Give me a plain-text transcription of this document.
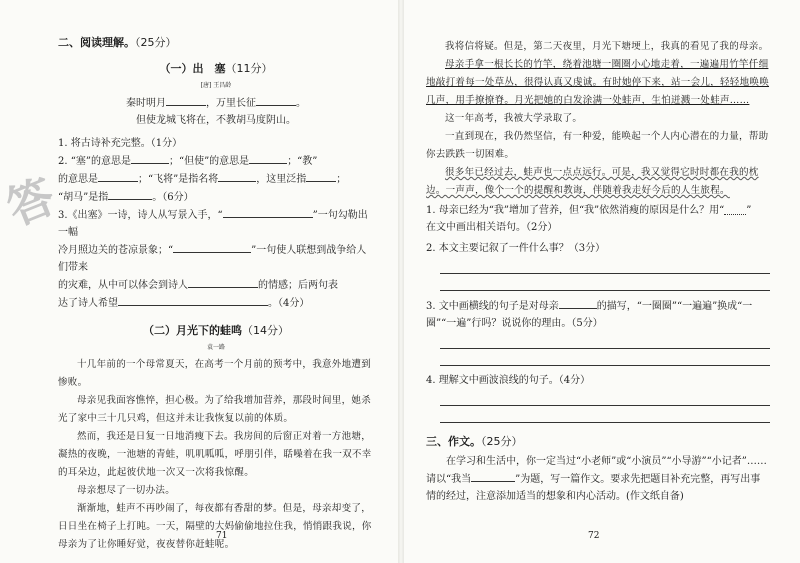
二、阅读理解。（25分）
（一）出　塞（11分）
[唐] 王昌龄
秦时明月	，万里长征	。
但使龙城飞将在，不教胡马度阴山。

1. 将古诗补充完整。（1分）

2. “塞”的意思是	；“但使”的意思是	；“教”
的意思是	；“飞将”是指名将	，这里泛指	；
“胡马”是指	。（6分）

3.《出塞》一诗，诗人从写景入手，“	”一句勾勒出一幅
冷月照边关的苍凉景象；“	”一句使人联想到战争给人们带来
的灾难，从中可以体会到诗人	的情感；后两句表
达了诗人希望	。（4分）

（二）月光下的蛙鸣（14分）
袁一路

十几年前的一个母常夏天，在高考一个月前的预考中，我意外地遭到惨败。

母亲见我面容憔悴，担心极。为了给我增加营养，那段时间里，她杀光了家中三十几只鸡，但这并未让我恢复以前的体质。

然而，我还是日复一日地消瘦下去。我房间的后窗正对着一方池塘，凝热的夜晚，一池塘的青蛙，叽叽呱呱，呼朋引伴，聒噪着在我一双不幸的耳朵边，此起彼伏地一次又一次将我惊醒。

母亲想尽了一切办法。

渐渐地，蛙声不再吵闹了，每夜都有香甜的梦。但是，母亲却变了，日日坐在椅子上打盹。一天，隔壁的大妈偷偷地拉住我，悄悄跟我说，你母亲为了让你睡好觉，夜夜替你赶蛙呢。

71
答

我将信将疑。但是，第二天夜里，月光下塘埂上，我真的看见了我的母亲。

母亲手拿一根长长的竹竿，绕着池塘一圈圈小心地走着，一遍遍用竹竿仟细地敲打着每一处草丛，很得认真又虔诚。有时她停下来，站一会儿，轻轻地唤唤几声，用手撩撩脊。月光把她的白发涂满一处蛙声，生怕迸溅一处蛙声……

这一年高考，我被大学录取了。

一直到现在，我仍然坚信，有一种爱，能唤起一个人内心潜在的力量，帮助你去跌跌一切困难。

很多年已经过去，蛙声也一点点远行。可是，我又觉得它时时都在我的枕边。一声声，像个一个的提醒和教诲，伴随着我走好今后的人生旅程。

1. 母亲已经为“我”增加了营养，但“我”依然消瘦的原因是什么？用“ ”
在文中画出相关语句。（2分）

2. 本文主要记叙了一件什么事？（3分）

3. 文中画横线的句子是对母亲	的描写，“一圈圈”“一遍遍”换成“一
圈”“一遍”行吗？说说你的理由。（5分）

4. 理解文中画波浪线的句子。（4分）

三、作文。（25分）

在学习和生活中，你一定当过“小老师”或“小演员”“小导游”“小记者”……请以“我当	”为题，写一篇作文。要求先把题目补充完整，再写出事情的经过，注意添加适当的想象和内心活动。(作文纸自备)

72
